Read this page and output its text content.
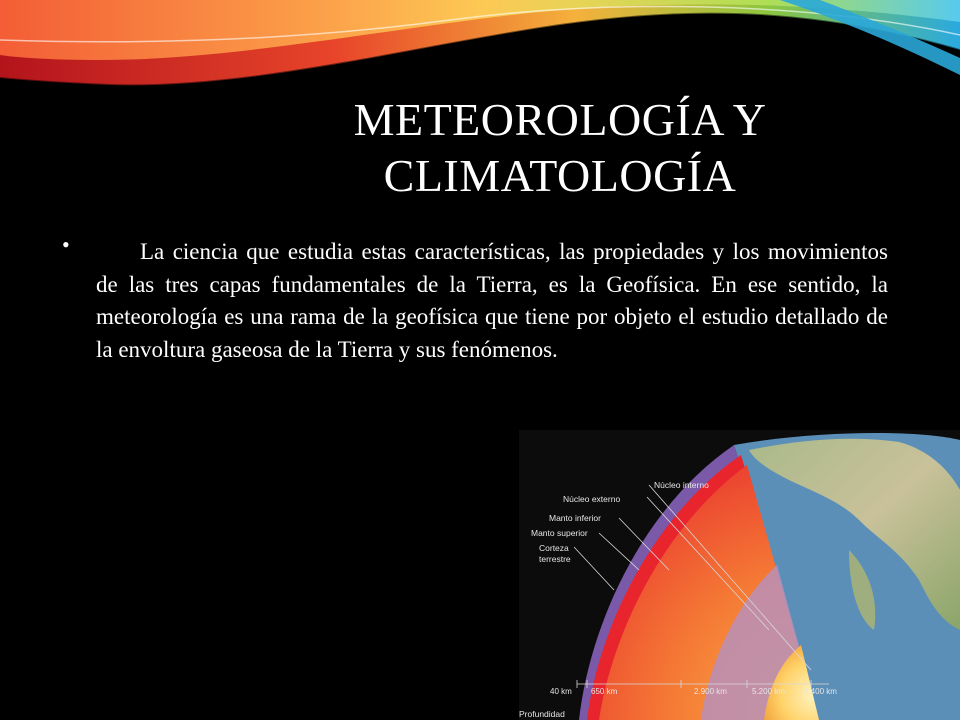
METEOROLOGÍA Y
CLIMATOLOGÍA
•	La ciencia que estudia estas características, las propiedades y los movimientos de las tres capas fundamentales de la Tierra, es la Geofísica. En ese sentido, la meteorología es una rama de la geofísica que tiene por objeto el estudio detallado de la envoltura gaseosa de la Tierra y sus fenómenos.

Núcleo interno
Núcleo externo
Manto inferior
Manto superior
Corteza
terrestre
40 km 650 km	2.900 km	5.200 km 6.400 km
Profundidad
